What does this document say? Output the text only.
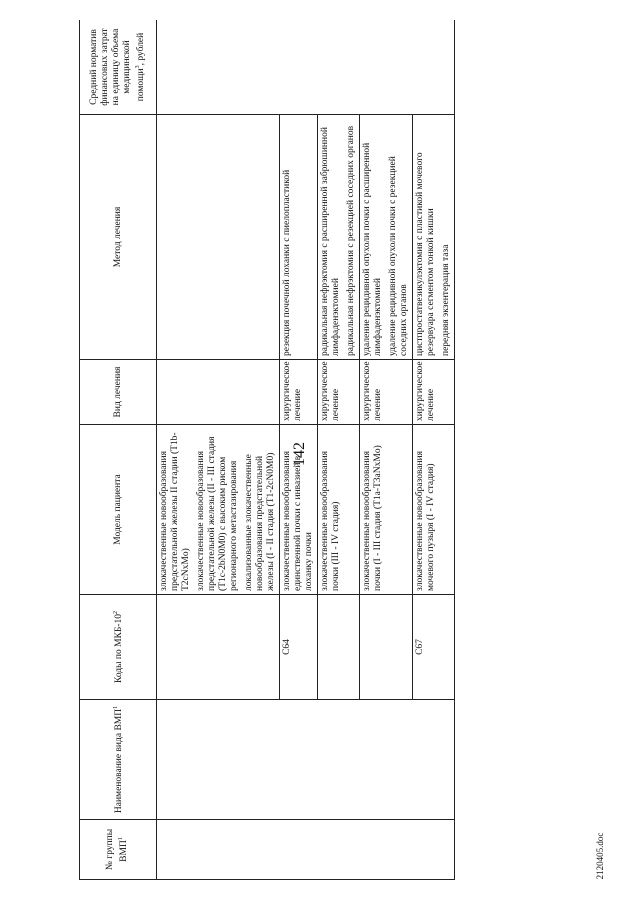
142
2120405.doc
№ группы ВМП$^1$	Наименование вида ВМП$^1$	Коды по МКБ-$10^2$	Модель пациента	Вид лечения	Метод лечения	Средний норматив финансовых затрат на единицу объема медицинской помощи$^3$, рублей

			злокачественные новообразования предстательной железы II стадии (T1b-T2cNxMo) злокачественные новообразования предстательной железы (II - III стадия (T1c-2bN0M0) с высоким риском регионарного метастазирования локализованные злокачественные новообразования предстательной железы (I - II стадия (T1-2cN0M0)			

		C64	злокачественные новообразования единственной почки с инвазией в лоханку почки	хирургическое лечение	резекция почечной лоханки с пиелопластикой	

			злокачественные новообразования почки (III - IV стадия)	хирургическое лечение	радикальная нефрэктомия с расширенной забрюшинной лимфаденэктомией радикальная нефрэктомия с резекцией соседних органов	

			злокачественные новообразования почки (I - III стадия (T1a-T3aNxMo)	хирургическое лечение	удаление рецидивной опухоли почки с расширенной лимфаденэктомией удаление рецидивной опухоли почки с резекцией соседних органов	

		C67	злокачественные новообразования мочевого пузыря (I - IV стадия)	хирургическое лечение	цистпростатвезикулэктомия с пластикой мочевого резервуара сегментом тонкой кишки передняя экзентерация таза	
